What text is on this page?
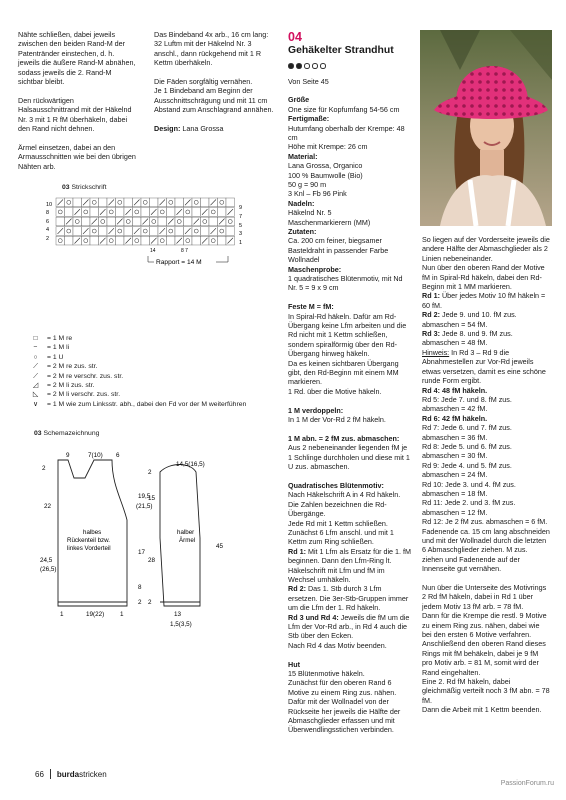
Nähte schließen, dabei jeweils zwischen den beiden Rand-M der Patentränder einstechen, d. h. jeweils die äußere Rand-M abnähen, sodass jeweils die 2. Rand-M sichtbar bleibt.

Den rückwärtigen Halsausschnittrand mit der Häkelnd Nr. 3 mit 1 R fM überhäkeln, dabei den Rand nicht dehnen.

Ärmel einsetzen, dabei an den Armausschnitten wie bei den übrigen Nähten arb.

Das Bindeband 4x arb., 16 cm lang: 32 Luftm mit der Häkelnd Nr. 3 anschl., dann rückgehend mit 1 R Kettm überhäkeln.

Die Fäden sorgfältig vernähen.

Je 1 Bindeband am Beginn der Ausschnittschrägung und mit 11 cm Abstand zum Anschlagrand annähen.

Design: Lana Grossa

03 Strickschrift
10
8
6
4
2
9
7
5
3
1
14	8 7
Rapport = 14 M
□	= 1 M re
−	= 1 M li
○	= 1 U
⟋	= 2 M re zus. str.
⟋	= 2 M re verschr. zus. str.
◿	= 2 M li zus. str.
◺	= 2 M li verschr. zus. str.
∨	= 1 M wie zum Linksstr. abh., dabei den Fd vor der M weiterführen
03 Schemazeichnung
9	7(10) 6
2
22
24,5
(26,5)
19,5
(21,5)
17
8
2
1	19(22)	1
halbes
Rückenteil bzw.
linkes Vorderteil
14,5(16,5)
2
15
28
45
halber
Ärmel
2
13
1,5(3,5)
04
Gehäkelter Strandhut

Von Seite 45

Größe
One size für Kopfumfang 54-56 cm
Fertigmaße:
Hutumfang oberhalb der Krempe: 48 cm
Höhe mit Krempe: 26 cm
Material:
Lana Grossa, Organico
100 % Baumwolle (Bio)
50 g = 90 m
3 Knl – Fb 96 Pink
Nadeln:
Häkelnd Nr. 5
Maschenmarkierern (MM)
Zutaten:
Ca. 200 cm feiner, biegsamer Basteldraht in passender Farbe
Wollnadel
Maschenprobe:

1 quadratisches Blütenmotiv, mit Nd Nr. 5 = 9 x 9 cm

Feste M = fM:
In Spiral-Rd häkeln. Dafür am Rd-Übergang keine Lfm arbeiten und die Rd nicht mit 1 Kettm schließen, sondern spiralförmig über den Rd-Übergang hinweg häkeln.
Da es keinen sichtbaren Übergang gibt, den Rd-Beginn mit einem MM markieren.

1 Rd. über die Motive häkeln.

1 M verdoppeln:

In 1 M der Vor-Rd 2 fM häkeln.

1 M abn. = 2 fM zus. abmaschen:

Aus 2 nebeneinander liegenden fM je 1 Schlinge durchholen und diese mit 1 U zus. abmaschen.

Quadratisches Blütenmotiv:
Nach Häkelschrift A in 4 Rd häkeln. Die Zahlen bezeichnen die Rd-Übergänge.
Jede Rd mit 1 Kettm schließen.
Zunächst 6 Lfm anschl. und mit 1 Kettm zum Ring schließen.
Rd 1: Mit 1 Lfm als Ersatz für die 1. fM beginnen. Dann den Lfm-Ring lt. Häkelschrift mit Lfm und fM im Wechsel umhäkeln.
Rd 2: Das 1. Stb durch 3 Lfm ersetzen. Die 3er-Stb-Gruppen immer um die Lfm der 1. Rd häkeln.
Rd 3 und Rd 4: Jeweils die fM um die Lfm der Vor-Rd arb., in Rd 4 auch die Stb über den Ecken.

Nach Rd 4 das Motiv beenden.

Hut
15 Blütenmotive häkeln.
Zunächst für den oberen Rand 6 Motive zu einem Ring zus. nähen. Dafür mit der Wollnadel von der Rückseite her jeweils die Hälfte der Abmaschglieder erfassen und mit Überwendlingsstichen verbinden.
So liegen auf der Vorderseite jeweils die andere Hälfte der Abmaschglieder als 2 Linien nebeneinander.
Nun über den oberen Rand der Motive fM in Spiral-Rd häkeln, dabei den Rd-Beginn mit 1 MM markieren.
Rd 1: Über jedes Motiv 10 fM häkeln = 60 fM.
Rd 2: Jede 9. und 10. fM zus. abmaschen = 54 fM.
Rd 3: Jede 8. und 9. fM zus. abmaschen = 48 fM.
Hinweis: In Rd 3 – Rd 9 die Abnahmestellen zur Vor-Rd jeweils etwas versetzen, damit es eine schöne runde Form ergibt.
Rd 4: 48 fM häkeln.
Rd 5: Jede 7. und 8. fM zus. abmaschen = 42 fM.
Rd 6: 42 fM häkeln.
Rd 7: Jede 6. und 7. fM zus. abmaschen = 36 fM.
Rd 8: Jede 5. und 6. fM zus. abmaschen = 30 fM.
Rd 9: Jede 4. und 5. fM zus. abmaschen = 24 fM.
Rd 10: Jede 3. und 4. fM zus. abmaschen = 18 fM.
Rd 11: Jede 2. und 3. fM zus. abmaschen = 12 fM.
Rd 12: Je 2 fM zus. abmaschen = 6 fM.

Fadenende ca. 15 cm lang abschneiden und mit der Wollnadel durch die letzten 6 Abmaschglieder ziehen. M zus. ziehen und Fadenende auf der Innenseite gut vernähen.

Nun über die Unterseite des Motivrings 2 Rd fM häkeln, dabei in Rd 1 über jedem Motiv 13 fM arb. = 78 fM.
Dann für die Krempe die restl. 9 Motive zu einem Ring zus. nähen, dabei wie bei den ersten 6 Motive verfahren.
Anschließend den oberen Rand dieses Rings mit fM behäkeln, dabei je 9 fM pro Motiv arb. = 81 M, somit wird der Rand eingehalten.
Eine 2. Rd fM häkeln, dabei gleichmäßig verteilt noch 3 fM abn. = 78 fM.
Dann die Arbeit mit 1 Kettm beenden.
66 burdastricken
PassionForum.ru
